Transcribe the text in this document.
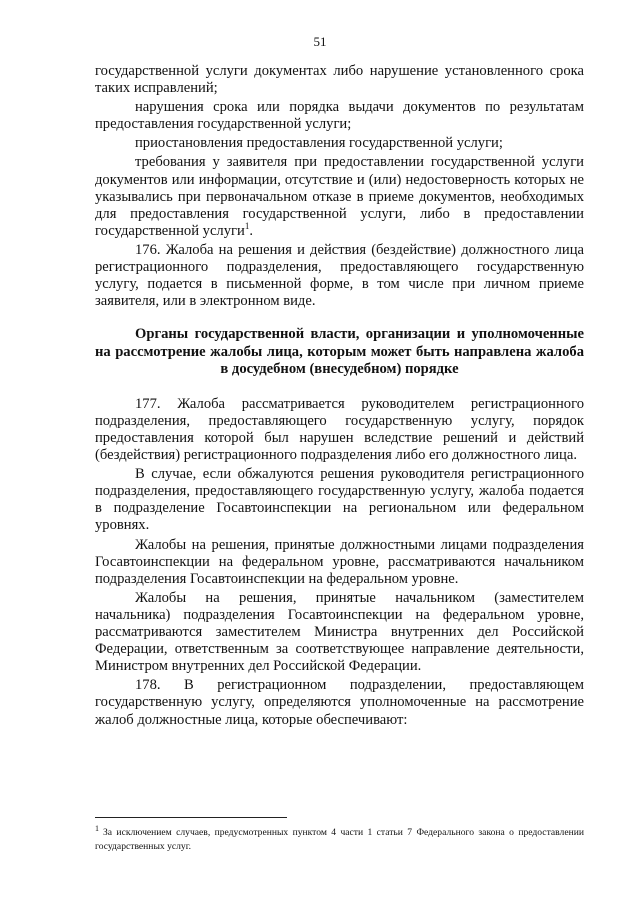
51

государственной услуги документах либо нарушение установленного срока таких исправлений;

нарушения срока или порядка выдачи документов по результатам предоставления государственной услуги;

приостановления предоставления государственной услуги;

требования у заявителя при предоставлении государственной услуги документов или информации, отсутствие и (или) недостоверность которых не указывались при первоначальном отказе в приеме документов, необходимых для предоставления государственной услуги, либо в предоставлении государственной услуги$^1$.

176. Жалоба на решения и действия (бездействие) должностного лица регистрационного подразделения, предоставляющего государственную услугу, подается в письменной форме, в том числе при личном приеме заявителя, или в электронном виде.

Органы государственной власти, организации и уполномоченные на рассмотрение жалобы лица, которым может быть направлена жалоба в досудебном (внесудебном) порядке

177. Жалоба рассматривается руководителем регистрационного подразделения, предоставляющего государственную услугу, порядок предоставления которой был нарушен вследствие решений и действий (бездействия) регистрационного подразделения либо его должностного лица.

В случае, если обжалуются решения руководителя регистрационного подразделения, предоставляющего государственную услугу, жалоба подается в подразделение Госавтоинспекции на региональном или федеральном уровнях.

Жалобы на решения, принятые должностными лицами подразделения Госавтоинспекции на федеральном уровне, рассматриваются начальником подразделения Госавтоинспекции на федеральном уровне.

Жалобы на решения, принятые начальником (заместителем начальника) подразделения Госавтоинспекции на федеральном уровне, рассматриваются заместителем Министра внутренних дел Российской Федерации, ответственным за соответствующее направление деятельности, Министром внутренних дел Российской Федерации.

178. В регистрационном подразделении, предоставляющем государственную услугу, определяются уполномоченные на рассмотрение жалоб должностные лица, которые обеспечивают:

$^1$ За исключением случаев, предусмотренных пунктом 4 части 1 статьи 7 Федерального закона о предоставлении государственных услуг.
